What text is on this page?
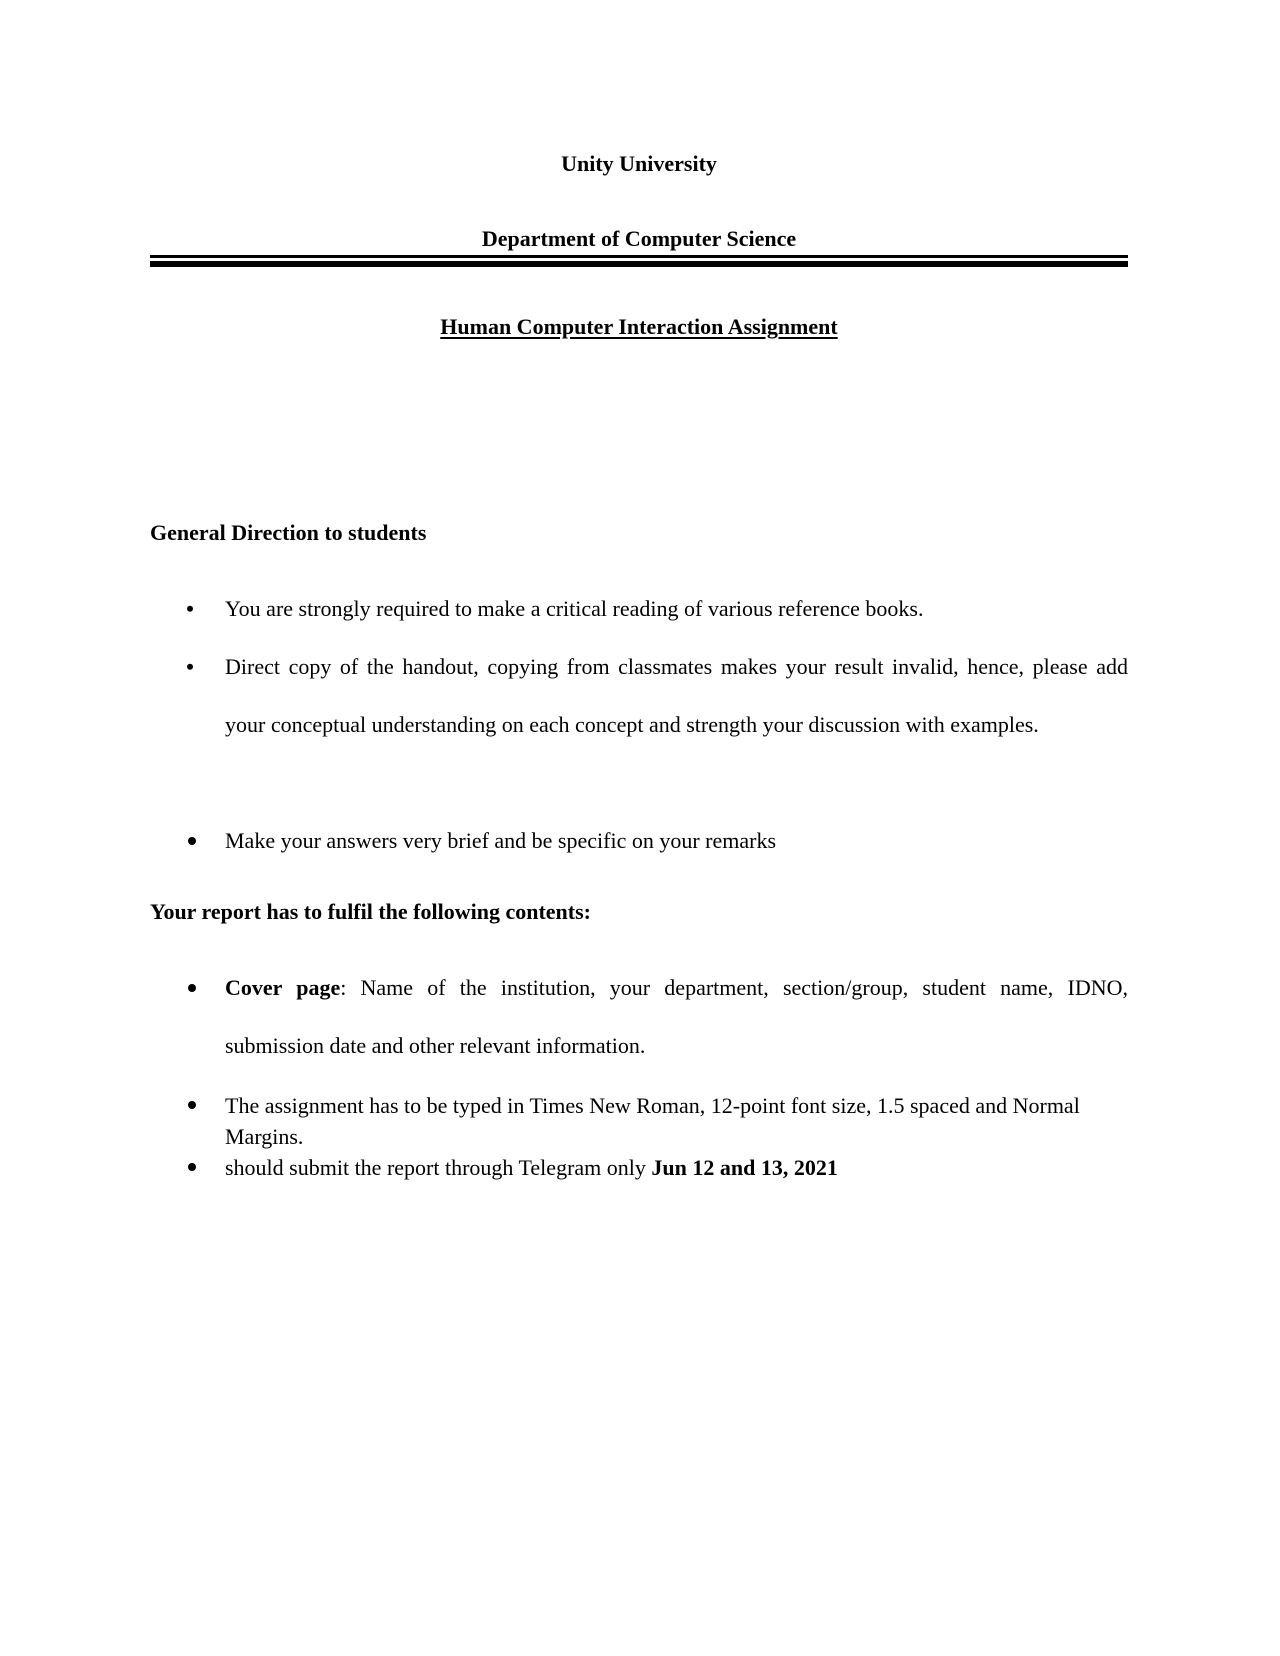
Unity University
Department of Computer Science
Human Computer Interaction Assignment
General Direction to students
• You are strongly required to make a critical reading of various reference books.
• Direct copy of the handout, copying from classmates makes your result invalid, hence, please add your conceptual understanding on each concept and strength your discussion with examples.
Make your answers very brief and be specific on your remarks
Your report has to fulfil the following contents:
Cover page: Name of the institution, your department, section/group, student name, IDNO, submission date and other relevant information.
The assignment has to be typed in Times New Roman, 12-point font size, 1.5 spaced and Normal Margins.
should submit the report through Telegram only Jun 12 and 13, 2021
